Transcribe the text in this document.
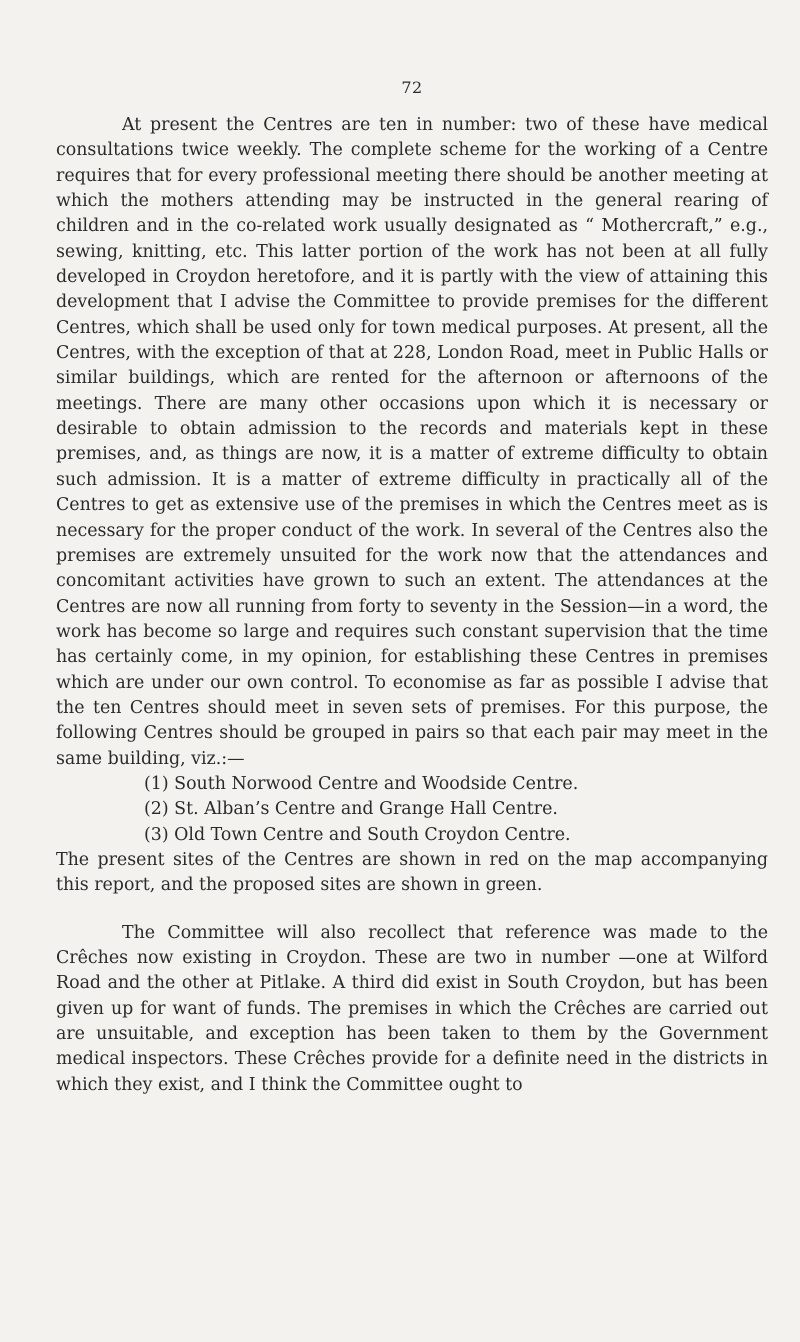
72

At present the Centres are ten in number: two of these have medical consultations twice weekly. The complete scheme for the working of a Centre requires that for every professional meeting there should be another meeting at which the mothers attending may be instructed in the general rearing of children and in the co-related work usually designated as “ Mothercraft,” e.g., sewing, knitting, etc. This latter portion of the work has not been at all fully developed in Croydon heretofore, and it is partly with the view of attaining this development that I advise the Committee to provide premises for the different Centres, which shall be used only for town medical purposes. At present, all the Centres, with the exception of that at 228, London Road, meet in Public Halls or similar buildings, which are rented for the afternoon or afternoons of the meetings. There are many other occasions upon which it is necessary or desirable to obtain admission to the records and materials kept in these premises, and, as things are now, it is a matter of extreme difficulty to obtain such admission. It is a matter of extreme difficulty in practically all of the Centres to get as extensive use of the premises in which the Centres meet as is necessary for the proper conduct of the work. In several of the Centres also the premises are extremely unsuited for the work now that the attendances and concomitant activities have grown to such an extent. The attendances at the Centres are now all running from forty to seventy in the Session—in a word, the work has become so large and requires such constant supervision that the time has certainly come, in my opinion, for establishing these Centres in premises which are under our own control. To economise as far as possible I advise that the ten Centres should meet in seven sets of premises. For this purpose, the following Centres should be grouped in pairs so that each pair may meet in the same building, viz.:—

(1) South Norwood Centre and Woodside Centre.
(2) St. Alban’s Centre and Grange Hall Centre.
(3) Old Town Centre and South Croydon Centre.

The present sites of the Centres are shown in red on the map accompanying this report, and the proposed sites are shown in green.

The Committee will also recollect that reference was made to the Crêches now existing in Croydon. These are two in number —one at Wilford Road and the other at Pitlake. A third did exist in South Croydon, but has been given up for want of funds. The premises in which the Crêches are carried out are unsuitable, and exception has been taken to them by the Government medical inspectors. These Crêches provide for a definite need in the districts in which they exist, and I think the Committee ought to
